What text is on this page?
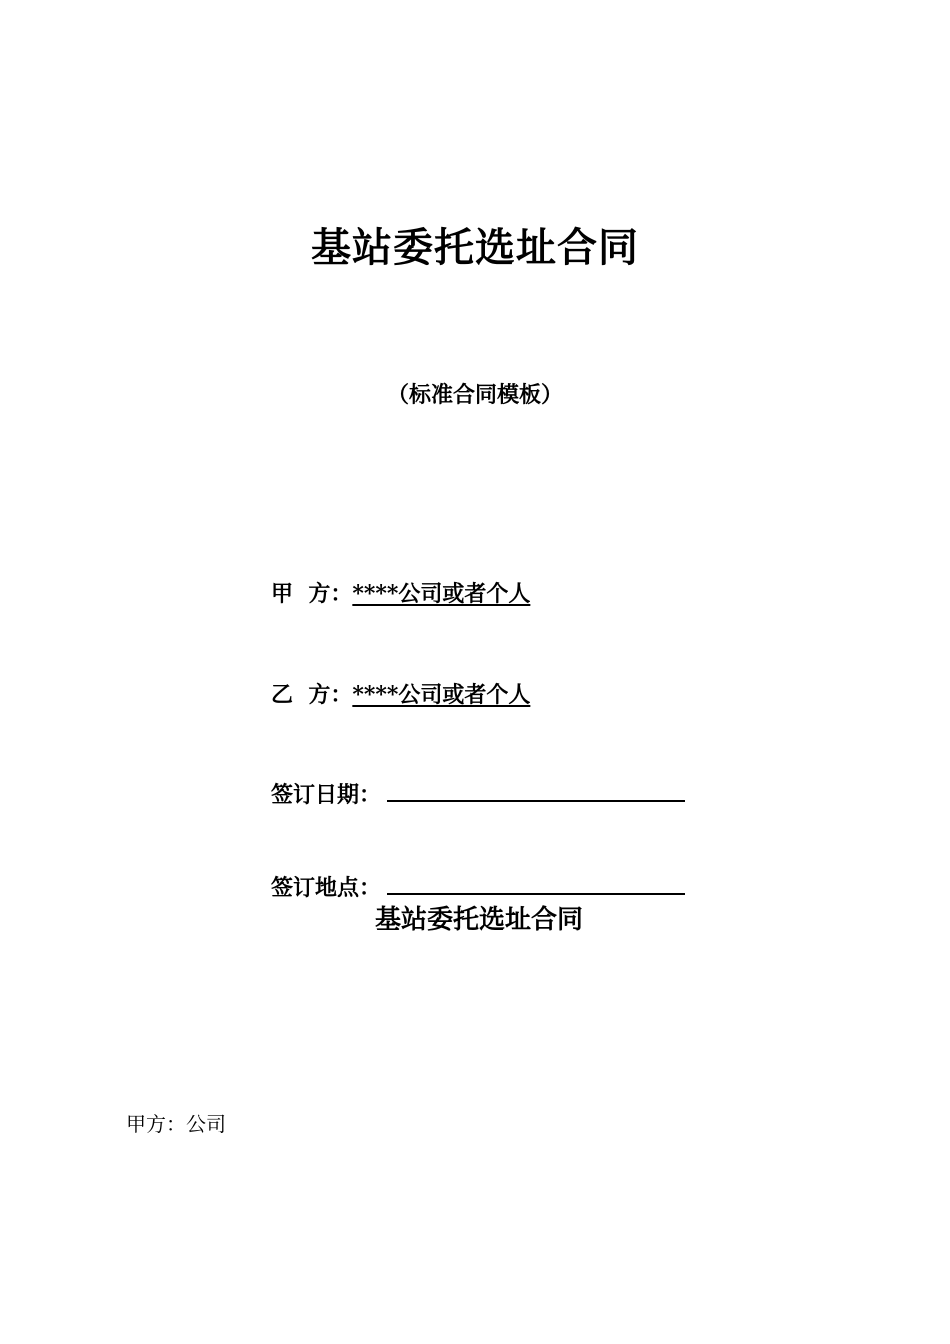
基站委托选址合同
（标准合同模板）
甲  方：****公司或者个人
乙  方：****公司或者个人
签订日期：
签订地点：
基站委托选址合同
甲方：公司
